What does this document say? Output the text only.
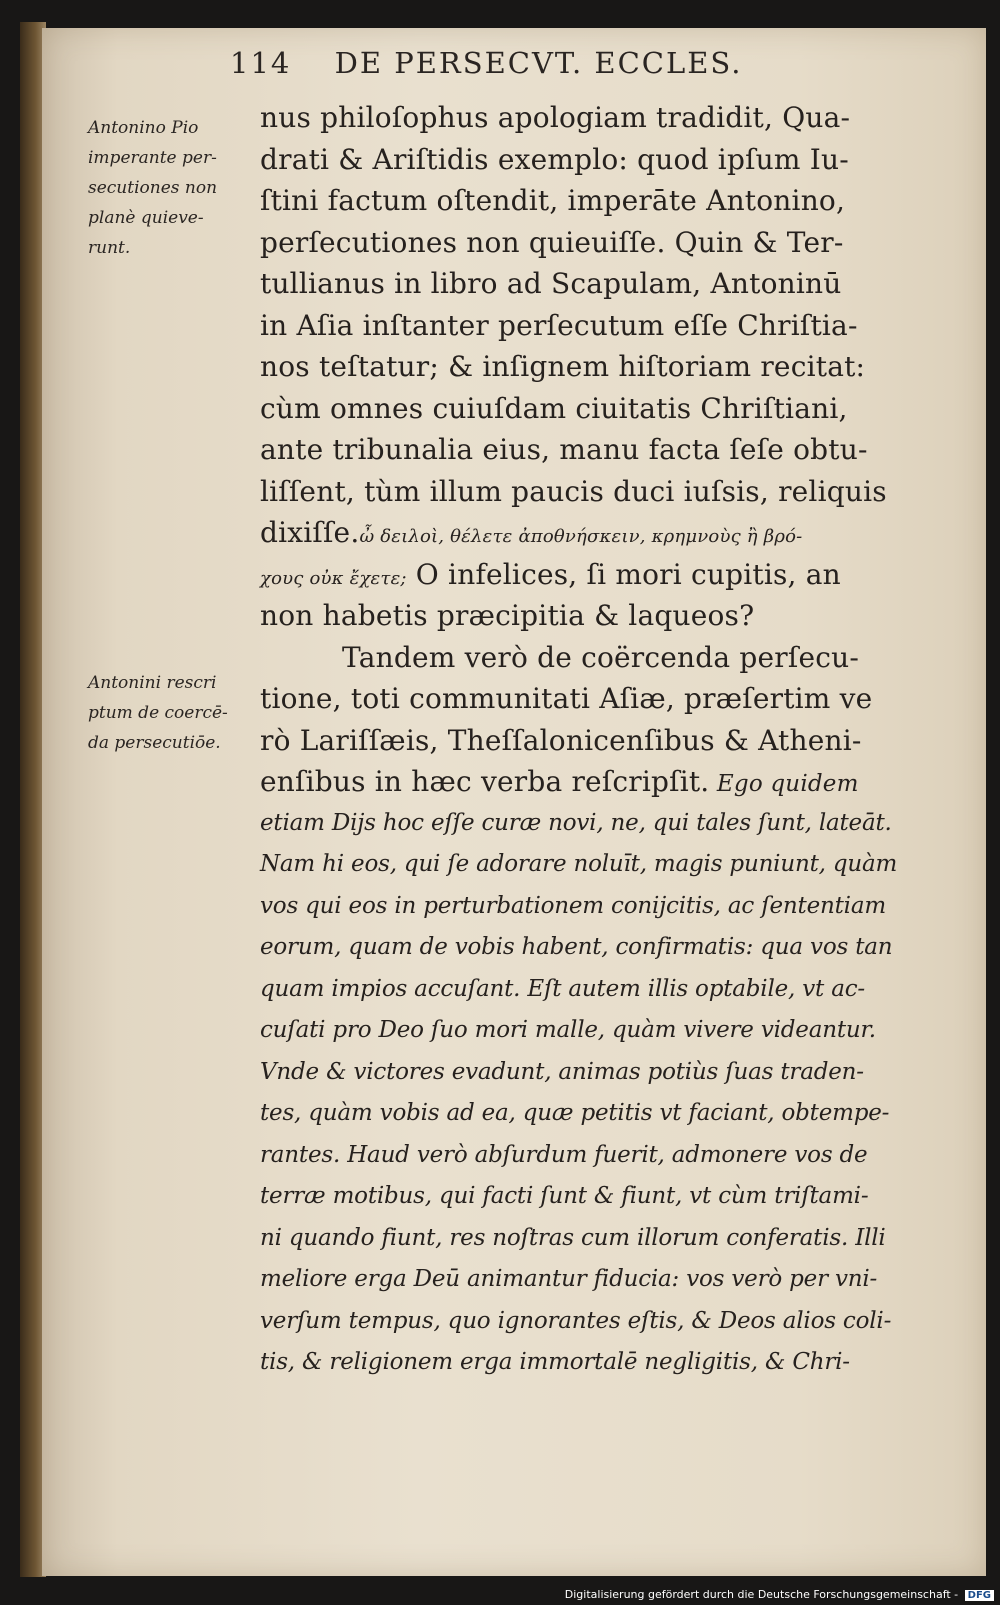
114 DE PERSECVT. ECCLES.
Antonino Pio
imperante per-
secutiones non
planè quieve-
runt.
Antonini rescri
ptum de coercē-
da persecutiōe.
nus philoſophus apologiam tradidit, Qua-
drati & Ariſtidis exemplo: quod ipſum Iu-
ſtini factum oſtendit, imperāte Antonino,
perſecutiones non quieuiſſe. Quin & Ter-
tullianus in libro ad Scapulam, Antoninū
in Aſia inſtanter perſecutum eſſe Chriſtia-
nos teſtatur; & inſignem hiſtoriam recitat:
cùm omnes cuiuſdam ciuitatis Chriſtiani,
ante tribunalia eius, manu facta ſeſe obtu-
liſſent, tùm illum paucis duci iuſsis, reliquis
dixiſſe.ὦ δειλοὶ, θέλετε ἀποθνήσκειν, κρημνοὺς ἢ βρό-
χους οὐκ ἔχετε; O infelices, ſi mori cupitis, an
non habetis præcipitia & laqueos?
Tandem verò de coërcenda perſecu-
tione, toti communitati Aſiæ, præſertim ve
rò Lariſſæis, Theſſalonicenſibus & Atheni-
enſibus in hæc verba reſcripſit. Ego quidem
etiam Dijs hoc eſſe curæ novi, ne, qui tales ſunt, lateāt.
Nam hi eos, qui ſe adorare noluīt, magis puniunt, quàm
vos qui eos in perturbationem conijcitis, ac ſententiam
eorum, quam de vobis habent, confirmatis: qua vos tan
quam impios accuſant. Eſt autem illis optabile, vt ac-
cuſati pro Deo ſuo mori malle, quàm vivere videantur.
Vnde & victores evadunt, animas potiùs ſuas traden-
tes, quàm vobis ad ea, quæ petitis vt faciant, obtempe-
rantes. Haud verò abſurdum fuerit, admonere vos de
terræ motibus, qui facti ſunt & fiunt, vt cùm triſtami-
ni quando fiunt, res noſtras cum illorum conferatis. Illi
meliore erga Deū animantur fiducia: vos verò per vni-
verſum tempus, quo ignorantes eſtis, & Deos alios coli-
tis, & religionem erga immortalē negligitis, & Chri-
Digitalisierung gefördert durch die Deutsche Forschungsgemeinschaft - DFG
